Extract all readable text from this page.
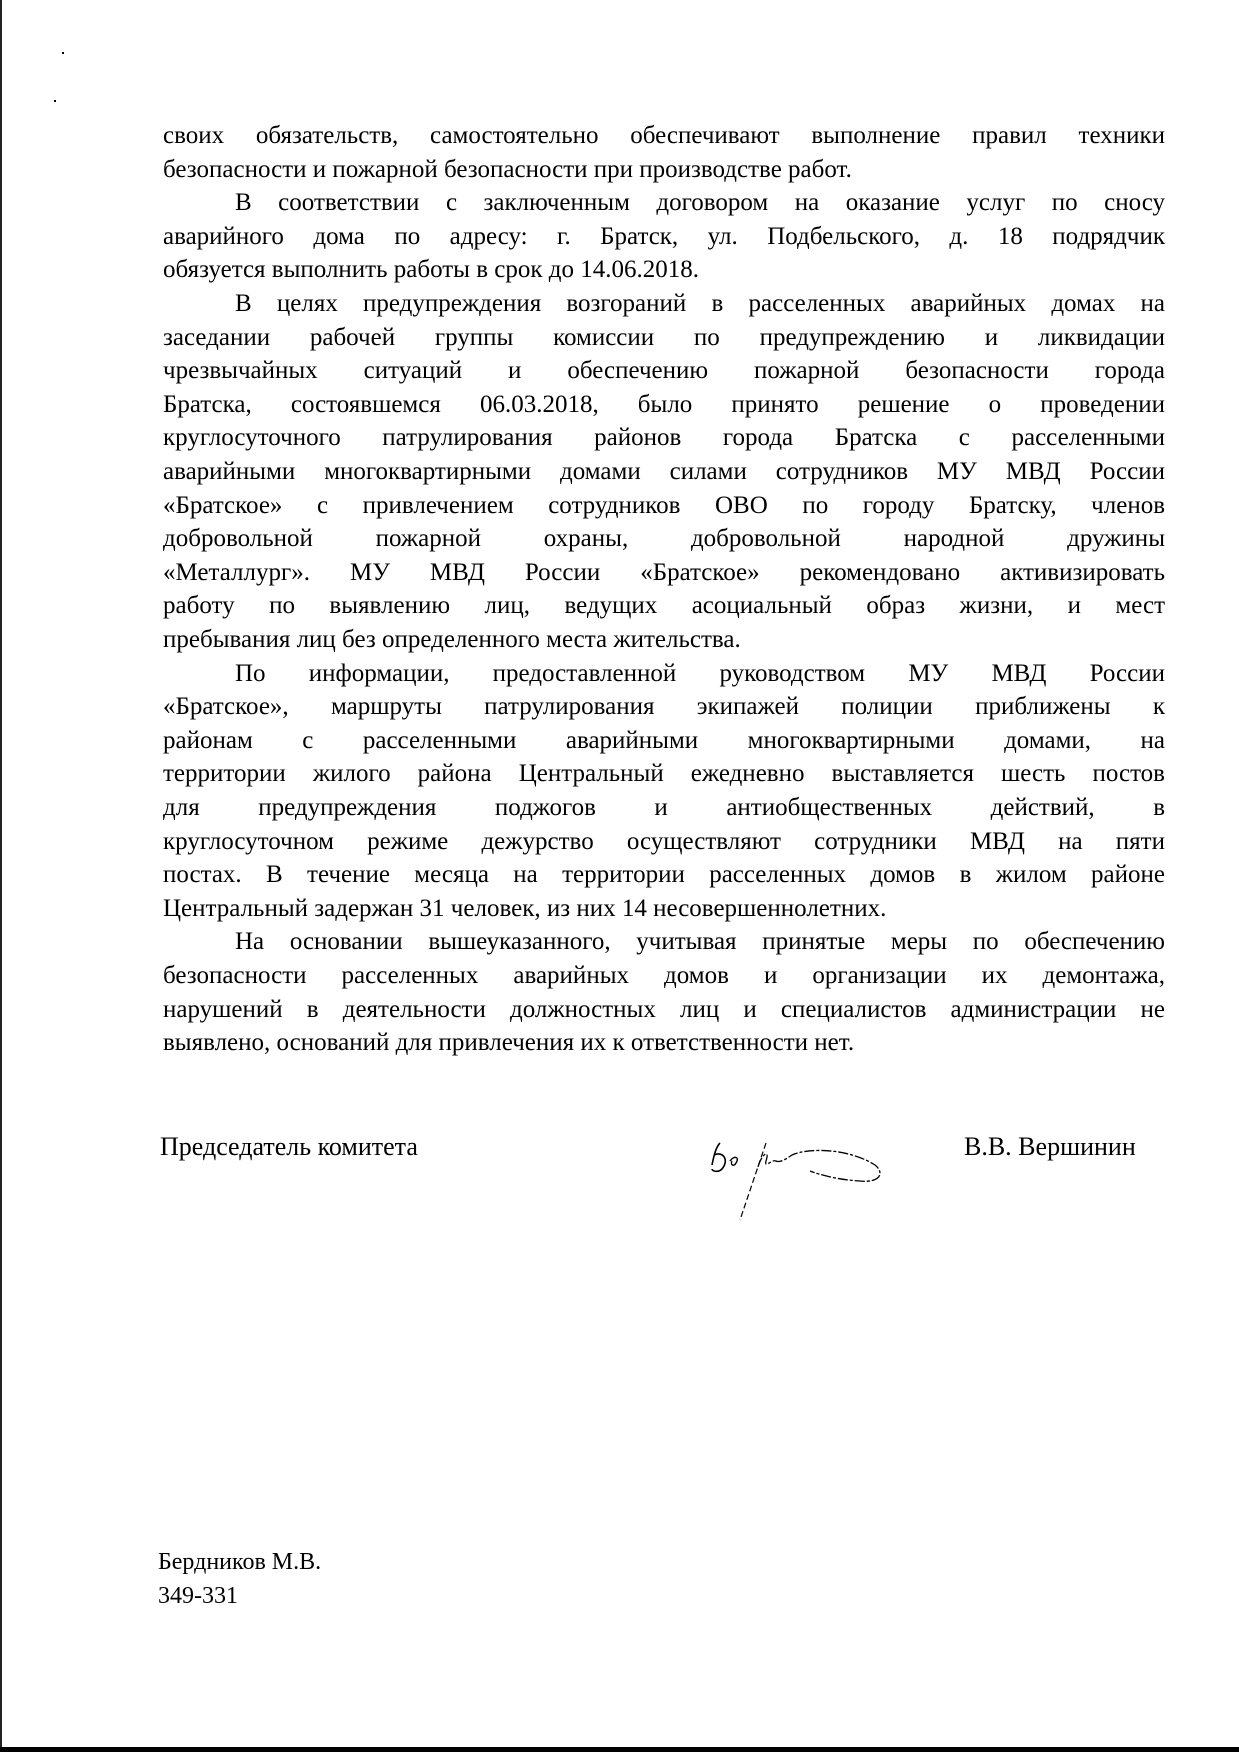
своих обязательств, самостоятельно обеспечивают выполнение правил техники
безопасности и пожарной безопасности при производстве работ.
В соответствии с заключенным договором на оказание услуг по сносу
аварийного дома по адресу: г. Братск, ул. Подбельского, д. 18 подрядчик
обязуется выполнить работы в срок до 14.06.2018.
В целях предупреждения возгораний в расселенных аварийных домах на
заседании рабочей группы комиссии по предупреждению и ликвидации
чрезвычайных ситуаций и обеспечению пожарной безопасности города
Братска, состоявшемся 06.03.2018, было принято решение о проведении
круглосуточного патрулирования районов города Братска с расселенными
аварийными многоквартирными домами силами сотрудников МУ МВД России
«Братское» с привлечением сотрудников ОВО по городу Братску, членов
добровольной пожарной охраны, добровольной народной дружины
«Металлург». МУ МВД России «Братское» рекомендовано активизировать
работу по выявлению лиц, ведущих асоциальный образ жизни, и мест
пребывания лиц без определенного места жительства.
По информации, предоставленной руководством МУ МВД России
«Братское», маршруты патрулирования экипажей полиции приближены к
районам с расселенными аварийными многоквартирными домами, на
территории жилого района Центральный ежедневно выставляется шесть постов
для предупреждения поджогов и антиобщественных действий, в
круглосуточном режиме дежурство осуществляют сотрудники МВД на пяти
постах. В течение месяца на территории расселенных домов в жилом районе
Центральный задержан 31 человек, из них 14 несовершеннолетних.
На основании вышеуказанного, учитывая принятые меры по обеспечению
безопасности расселенных аварийных домов и организации их демонтажа,
нарушений в деятельности должностных лиц и специалистов администрации не
выявлено, оснований для привлечения их к ответственности нет.
Председатель комитета	В.В. Вершинин
Бердников М.В.
349-331
